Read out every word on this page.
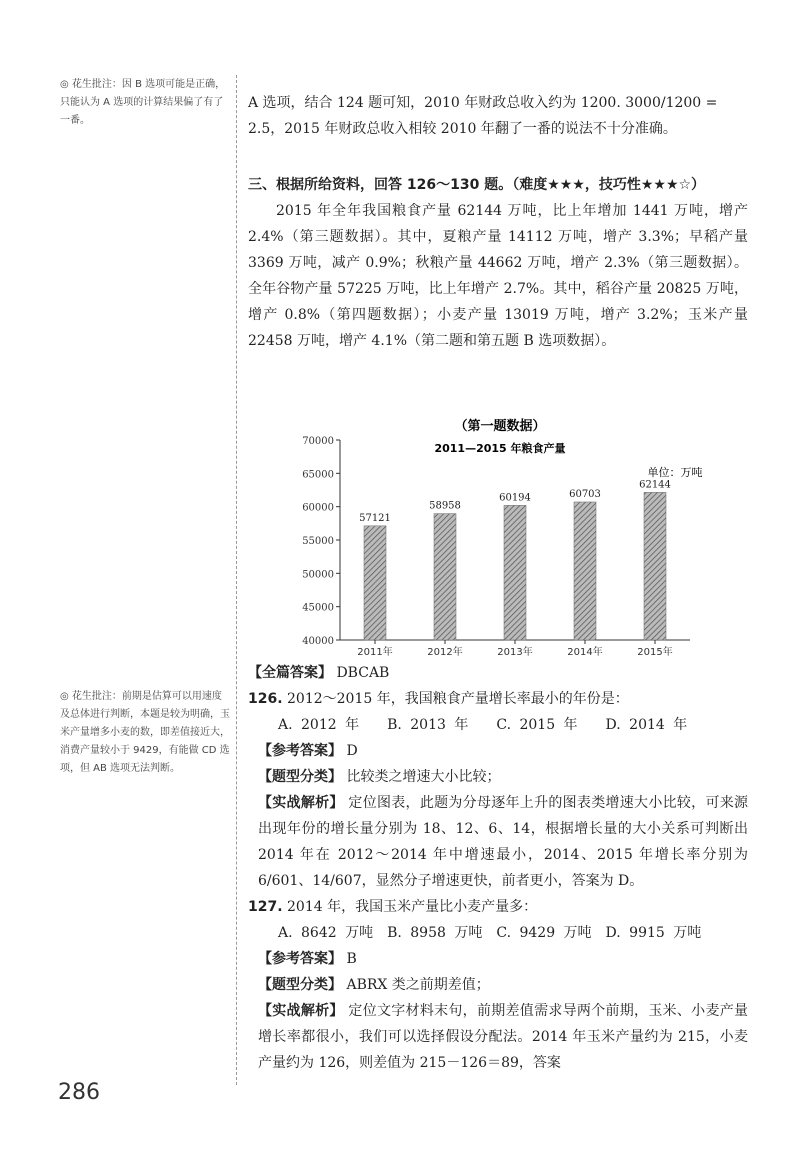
◎ 花生批注：因 B 选项可能是正确，只能认为 A 选项的计算结果偏了有了一番。
◎ 花生批注：前期是估算可以用速度及总体进行判断，本题是较为明确，玉米产量增多小麦的数，即差值接近大，消费产量较小于 9429，有能做 CD 选项，但 AB 选项无法判断。

A 选项，结合 124 题可知，2010 年财政总收入约为 1200. 3000/1200 =

2.5，2015 年财政总收入相较 2010 年翻了一番的说法不十分准确。

三、根据所给资料，回答 126～130 题。（难度★★★，技巧性★★★☆）

2015 年全年我国粮食产量 62144 万吨，比上年增加 1441 万吨，增产 2.4%（第三题数据）。其中，夏粮产量 14112 万吨，增产 3.3%；早稻产量 3369 万吨，减产 0.9%；秋粮产量 44662 万吨，增产 2.3%（第三题数据）。全年谷物产量 57225 万吨，比上年增产 2.7%。其中，稻谷产量 20825 万吨，增产 0.8%（第四题数据）；小麦产量 13019 万吨，增产 3.2%；玉米产量 22458 万吨，增产 4.1%（第二题和第五题 B 选项数据）。

（第一题数据）
2011—2015 年粮食产量
单位：万吨
40000
45000
50000
55000
60000
65000
70000
57121
2011年
58958
2012年
60194
2013年
60703
2014年
62144
2015年

【全篇答案】 DBCAB

126. 2012～2015 年，我国粮食产量增长率最小的年份是：

A. 2012 年　　B. 2013 年　　C. 2015 年　　D. 2014 年

【参考答案】 D

【题型分类】 比较类之增速大小比较；

【实战解析】 定位图表，此题为分母逐年上升的图表类增速大小比较，可来源出现年份的增长量分别为 18、12、6、14，根据增长量的大小关系可判断出 2014 年在 2012～2014 年中增速最小，2014、2015 年增长率分别为 6/601、14/607，显然分子增速更快，前者更小，答案为 D。

127. 2014 年，我国玉米产量比小麦产量多：

A. 8642 万吨　B. 8958 万吨　C. 9429 万吨　D. 9915 万吨

【参考答案】 B

【题型分类】 ABRX 类之前期差值；

【实战解析】 定位文字材料末句，前期差值需求导两个前期，玉米、小麦产量增长率都很小，我们可以选择假设分配法。2014 年玉米产量约为 215，小麦产量约为 126，则差值为 215－126＝89，答案

286
